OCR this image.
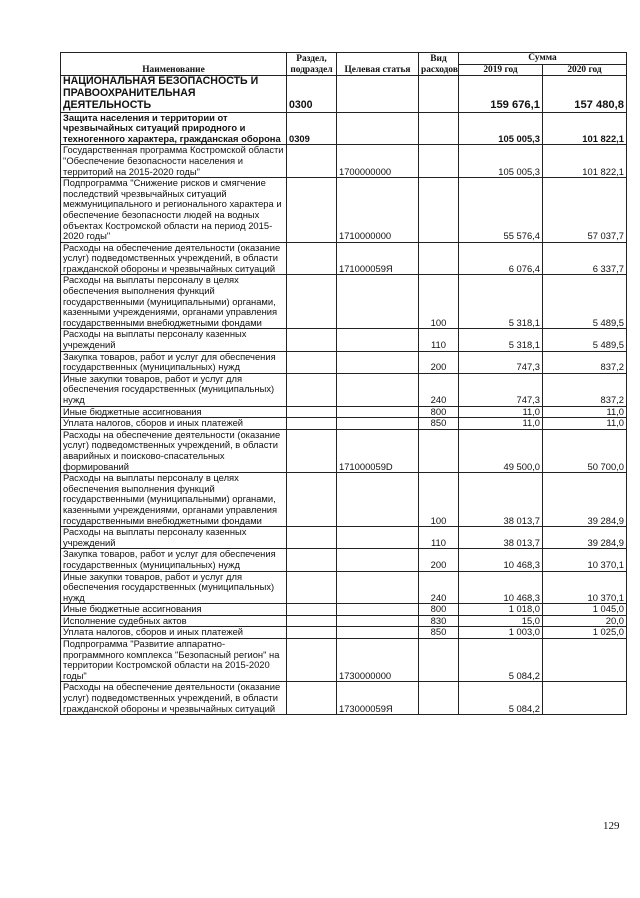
Наименование	Раздел, подраздел	Целевая статья	Вид расходов	Сумма	
				2019 год	2020 год
НАЦИОНАЛЬНАЯ БЕЗОПАСНОСТЬ И ПРАВООХРАНИТЕЛЬНАЯ ДЕЯТЕЛЬНОСТЬ	0300			159 676,1	157 480,8
Защита населения и территории от чрезвычайных ситуаций природного и техногенного характера, гражданская оборона	0309			105 005,3	101 822,1
Государственная программа Костромской области "Обеспечение безопасности населения и территорий на 2015-2020 годы"		1700000000		105 005,3	101 822,1
Подпрограмма "Снижение рисков и смягчение последствий чрезвычайных ситуаций межмуниципального и регионального характера и обеспечение безопасности людей на водных объектах Костромской области на период 2015-2020 годы"		1710000000		55 576,4	57 037,7
Расходы на обеспечение деятельности (оказание услуг) подведомственных учреждений, в области гражданской обороны и чрезвычайных ситуаций		171000059Я		6 076,4	6 337,7
Расходы на выплаты персоналу в целях обеспечения выполнения функций государственными (муниципальными) органами, казенными учреждениями, органами управления государственными внебюджетными фондами			100	5 318,1	5 489,5
Расходы на выплаты персоналу казенных учреждений			110	5 318,1	5 489,5
Закупка товаров, работ и услуг для обеспечения государственных (муниципальных) нужд			200	747,3	837,2
Иные закупки товаров, работ и услуг для обеспечения государственных (муниципальных) нужд			240	747,3	837,2
Иные бюджетные ассигнования			800	11,0	11,0
Уплата налогов, сборов и иных платежей			850	11,0	11,0
Расходы на обеспечение деятельности (оказание услуг) подведомственных учреждений, в области аварийных и поисково-спасательных формирований		171000059D		49 500,0	50 700,0
Расходы на выплаты персоналу в целях обеспечения выполнения функций государственными (муниципальными) органами, казенными учреждениями, органами управления государственными внебюджетными фондами			100	38 013,7	39 284,9
Расходы на выплаты персоналу казенных учреждений			110	38 013,7	39 284,9
Закупка товаров, работ и услуг для обеспечения государственных (муниципальных) нужд			200	10 468,3	10 370,1
Иные закупки товаров, работ и услуг для обеспечения государственных (муниципальных) нужд			240	10 468,3	10 370,1
Иные бюджетные ассигнования			800	1 018,0	1 045,0
Исполнение судебных актов			830	15,0	20,0
Уплата налогов, сборов и иных платежей			850	1 003,0	1 025,0
Подпрограмма "Развитие аппаратно-программного комплекса "Безопасный регион" на территории Костромской области на 2015-2020 годы"		1730000000		5 084,2	
Расходы на обеспечение деятельности (оказание услуг) подведомственных учреждений, в области гражданской обороны и чрезвычайных ситуаций		173000059Я		5 084,2	
129
